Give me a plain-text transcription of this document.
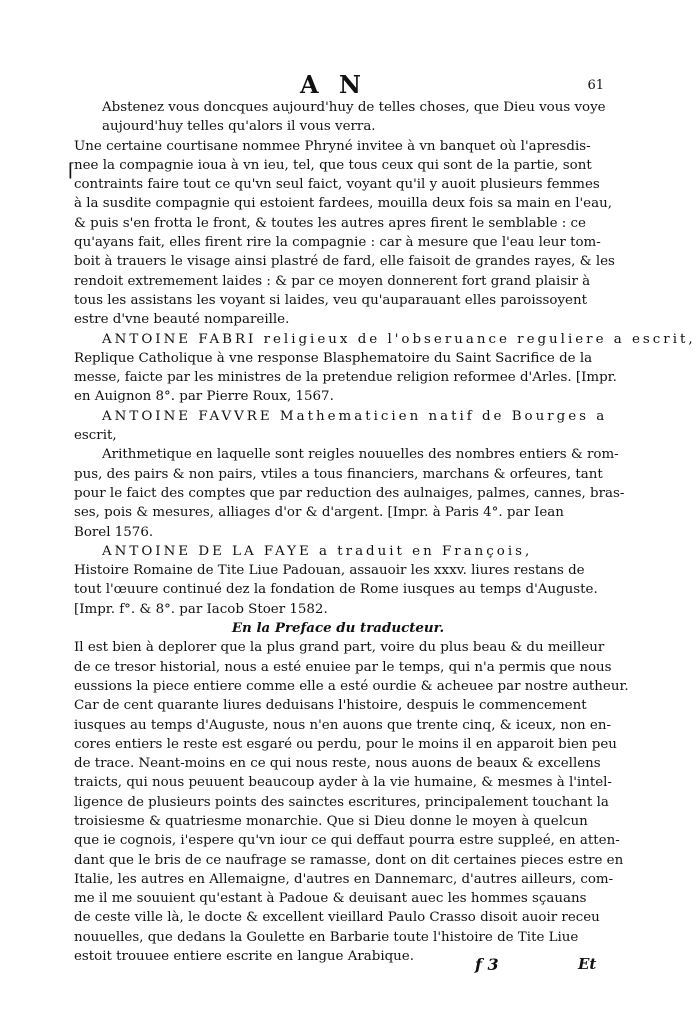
A N	61
⌈
Abstenez vous doncques aujourd'huy de telles choses, que Dieu vous voye
aujourd'huy telles qu'alors il vous verra.
Une certaine courtisane nommee Phryné invitee à vn banquet où l'apresdis-
nee la compagnie ioua à vn ieu, tel, que tous ceux qui sont de la partie, sont
contraints faire tout ce qu'vn seul faict, voyant qu'il y auoit plusieurs femmes
à la susdite compagnie qui estoient fardees, mouilla deux fois sa main en l'eau,
& puis s'en frotta le front, & toutes les autres apres firent le semblable : ce
qu'ayans fait, elles firent rire la compagnie : car à mesure que l'eau leur tom-
boit à trauers le visage ainsi plastré de fard, elle faisoit de grandes rayes, & les
rendoit extremement laides : & par ce moyen donnerent fort grand plaisir à
tous les assistans les voyant si laides, veu qu'auparauant elles paroissoyent
estre d'vne beauté nompareille.
ANTOINE FABRI religieux de l'obseruance reguliere a escrit,
Replique Catholique à vne response Blasphematoire du Saint Sacrifice de la
messe, faicte par les ministres de la pretendue religion reformee d'Arles. [Impr.
en Auignon 8°. par Pierre Roux, 1567.
ANTOINE FAVVRE Mathematicien natif de Bourges a
escrit,
Arithmetique en laquelle sont reigles nouuelles des nombres entiers & rom-
pus, des pairs & non pairs, vtiles a tous financiers, marchans & orfeures, tant
pour le faict des comptes que par reduction des aulnaiges, palmes, cannes, bras-
ses, pois & mesures, alliages d'or & d'argent. [Impr. à Paris 4°. par Iean
Borel 1576.
ANTOINE DE LA FAYE a traduit en François,
Histoire Romaine de Tite Liue Padouan, assauoir les xxxv. liures restans de
tout l'œuure continué dez la fondation de Rome iusques au temps d'Auguste.
[Impr. f°. & 8°. par Iacob Stoer 1582.
En la Preface du traducteur.
Il est bien à deplorer que la plus grand part, voire du plus beau & du meilleur
de ce tresor historial, nous a esté enuiee par le temps, qui n'a permis que nous
eussions la piece entiere comme elle a esté ourdie & acheuee par nostre autheur.
Car de cent quarante liures deduisans l'histoire, despuis le commencement
iusques au temps d'Auguste, nous n'en auons que trente cinq, & iceux, non en-
cores entiers le reste est esgaré ou perdu, pour le moins il en apparoit bien peu
de trace. Neant-moins en ce qui nous reste, nous auons de beaux & excellens
traicts, qui nous peuuent beaucoup ayder à la vie humaine, & mesmes à l'intel-
ligence de plusieurs points des sainctes escritures, principalement touchant la
troisiesme & quatriesme monarchie. Que si Dieu donne le moyen à quelcun
que ie cognois, i'espere qu'vn iour ce qui deffaut pourra estre suppleé, en atten-
dant que le bris de ce naufrage se ramasse, dont on dit certaines pieces estre en
Italie, les autres en Allemaigne, d'autres en Dannemarc, d'autres ailleurs, com-
me il me souuient qu'estant à Padoue & deuisant auec les hommes sçauans
de ceste ville là, le docte & excellent vieillard Paulo Crasso disoit auoir receu
nouuelles, que dedans la Goulette en Barbarie toute l'histoire de Tite Liue
estoit trouuee entiere escrite en langue Arabique.	f 3	Et
